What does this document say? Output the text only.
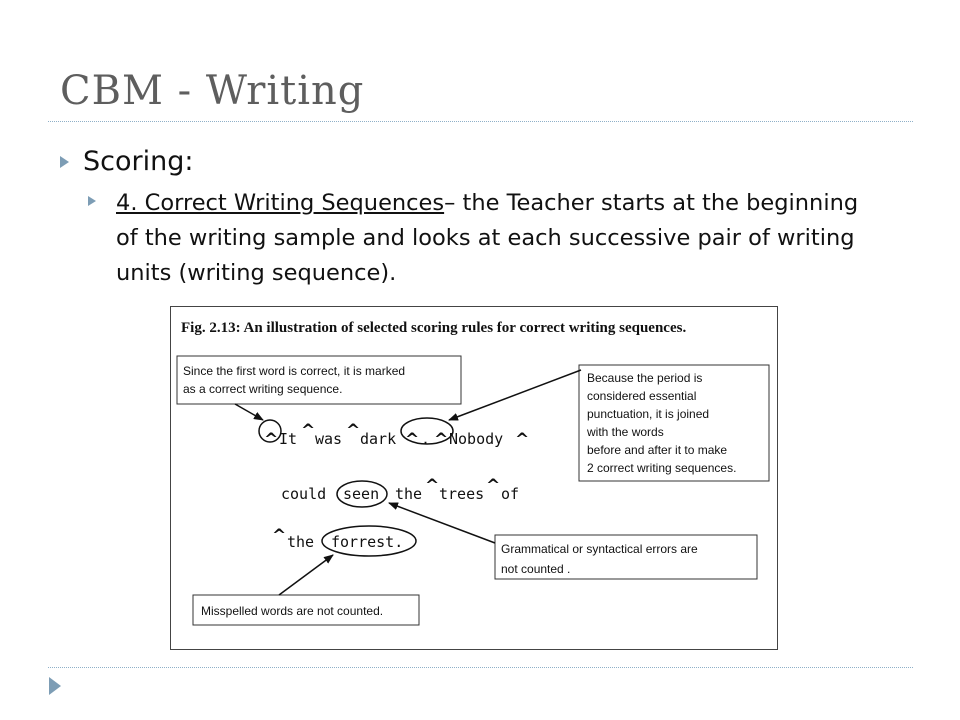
CBM - Writing
Scoring:
4. Correct Writing Sequences– the Teacher starts at the beginning of the writing sample and looks at each successive pair of writing units (writing sequence).
Fig. 2.13: An illustration of selected scoring rules for correct writing sequences.
Since the first word is correct, it is marked
as a correct writing sequence.
Because the period is
considered essential
punctuation, it is joined
with the words
before and after it to make
2 correct writing sequences.
Grammatical or syntactical errors are
not counted .
Misspelled words are not counted.
^ It ^ was ^ dark ^ . ^ Nobody ^
could seen the ^ trees ^ of
^ the forrest.
